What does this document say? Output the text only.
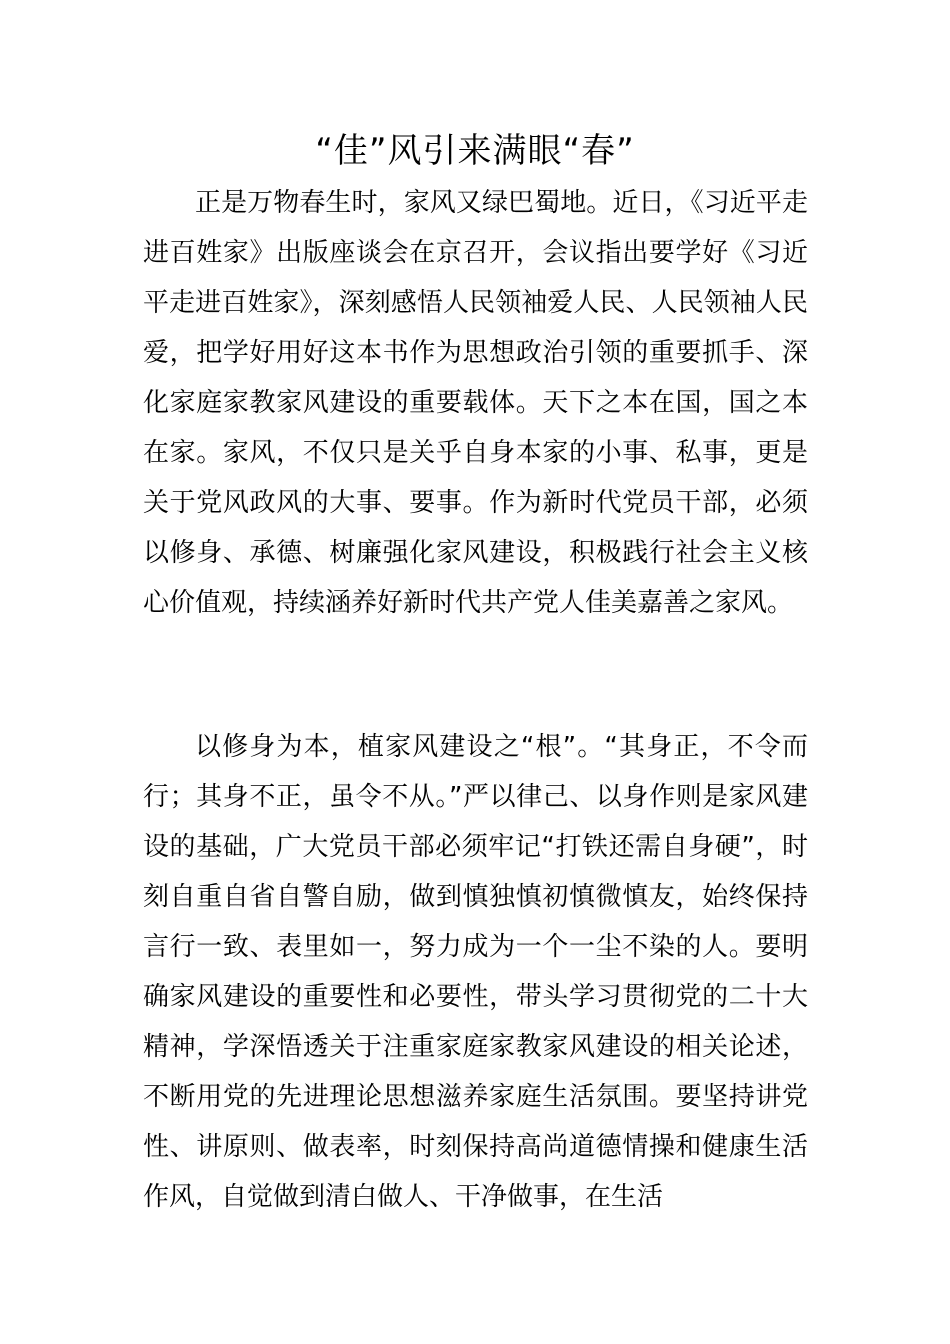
“佳”风引来满眼“春”

正是万物春生时，家风又绿巴蜀地。近日，《习近平走进百姓家》出版座谈会在京召开，会议指出要学好《习近平走进百姓家》，深刻感悟人民领袖爱人民、人民领袖人民爱，把学好用好这本书作为思想政治引领的重要抓手、深化家庭家教家风建设的重要载体。天下之本在国，国之本在家。家风，不仅只是关乎自身本家的小事、私事，更是关于党风政风的大事、要事。作为新时代党员干部，必须以修身、承德、树廉强化家风建设，积极践行社会主义核心价值观，持续涵养好新时代共产党人佳美嘉善之家风。

以修身为本，植家风建设之“根”。“其身正，不令而行；其身不正，虽令不从。”严以律己、以身作则是家风建设的基础，广大党员干部必须牢记“打铁还需自身硬”，时刻自重自省自警自励，做到慎独慎初慎微慎友，始终保持言行一致、表里如一，努力成为一个一尘不染的人。要明确家风建设的重要性和必要性，带头学习贯彻党的二十大精神，学深悟透关于注重家庭家教家风建设的相关论述，不断用党的先进理论思想滋养家庭生活氛围。要坚持讲党性、讲原则、做表率，时刻保持高尚道德情操和健康生活作风，自觉做到清白做人、干净做事，在生活
